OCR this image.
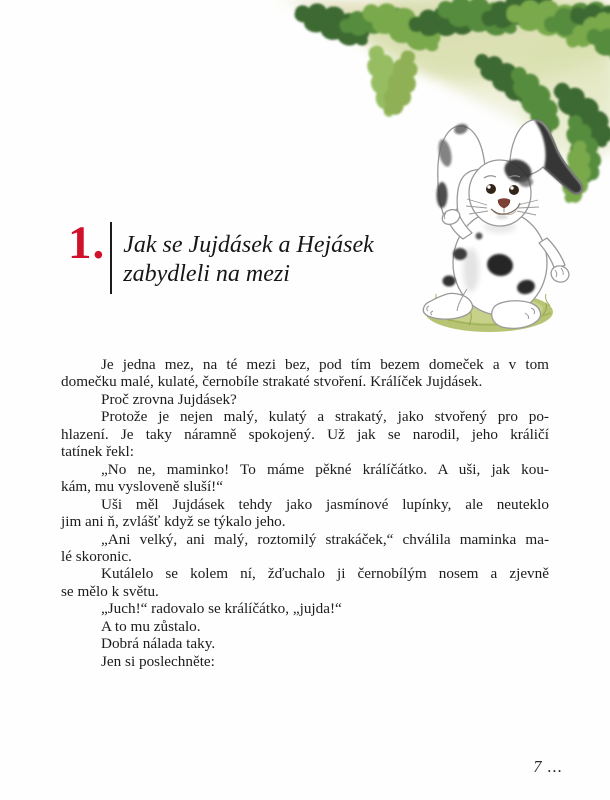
1. Jak se Jujdásek a Hejásek
zabydleli na mezi
Je jedna mez, na té mezi bez, pod tím bezem domeček a v tom
domečku malé, kulaté, černobíle strakaté stvoření. Králíček Jujdásek.
Proč zrovna Jujdásek?
Protože je nejen malý, kulatý a strakatý, jako stvořený pro po-
hlazení. Je taky náramně spokojený. Už jak se narodil, jeho králičí
tatínek řekl:
„No ne, maminko! To máme pěkné králíčátko. A uši, jak kou-
kám, mu vysloveně sluší!“
Uši měl Jujdásek tehdy jako jasmínové lupínky, ale neuteklo
jim ani ň, zvlášť když se týkalo jeho.
„Ani velký, ani malý, roztomilý strakáček,“ chválila maminka ma-
lé skoronic.
Kutálelo se kolem ní, žďuchalo ji černobílým nosem a zjevně
se mělo k světu.
„Juch!“ radovalo se králíčátko, „jujda!“
A to mu zůstalo.
Dobrá nálada taky.
Jen si poslechněte:
7 ...
